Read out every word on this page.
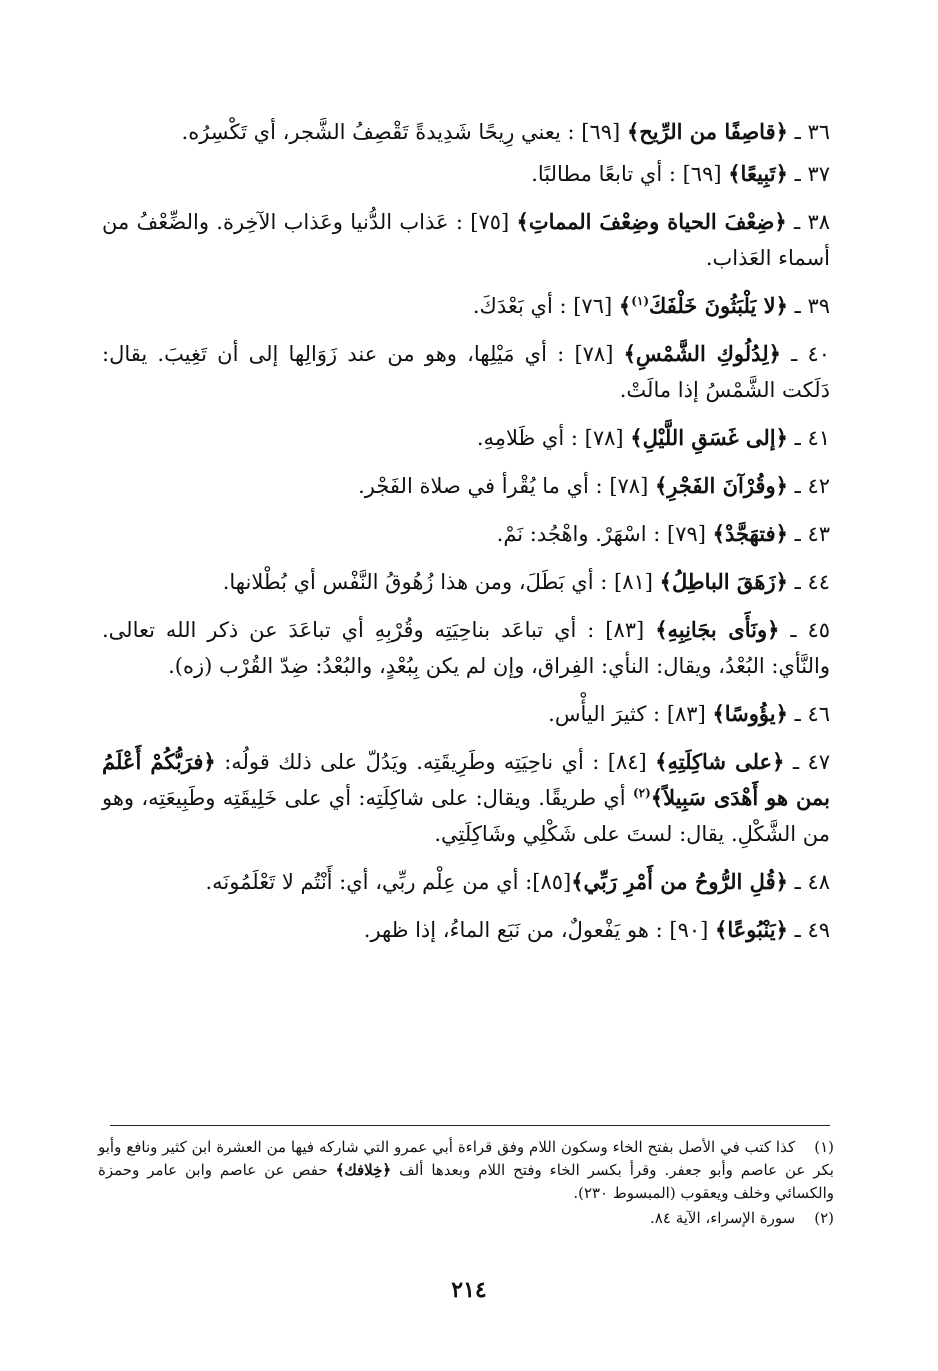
٣٦ ـ ﴿قاصِفًا من الرِّيح﴾ [٦٩] : يعني رِيحًا شَدِيدةً تَقْصِفُ الشَّجر، أي تَكْسِرُه.

٣٧ ـ ﴿تَبِيعًا﴾ [٦٩] : أي تابعًا مطالبًا.

٣٨ ـ ﴿ضِعْفَ الحياة وضِعْفَ المماتِ﴾ [٧٥] : عَذاب الدُّنيا وعَذاب الآخِرة. والضِّعْفُ من أسماء العَذاب.

٣٩ ـ ﴿لا يَلْبَثُونَ خَلْفَكَ$^{(١)}$﴾ [٧٦] : أي بَعْدَكَ.

٤٠ ـ ﴿لِدُلُوكِ الشَّمْسِ﴾ [٧٨] : أي مَيْلِها، وهو من عند زَوَالِها إلى أن تَغِيبَ. يقال: دَلَكت الشَّمْسُ إذا مالَتْ.

٤١ ـ ﴿إلى غَسَقِ اللَّيْلِ﴾ [٧٨] : أي ظَلامِهِ.

٤٢ ـ ﴿وقُرْآنَ الفَجْرِ﴾ [٧٨] : أي ما يُقْرأ في صلاة الفَجْر.

٤٣ ـ ﴿فتهَجَّدْ﴾ [٧٩] : اسْهَرْ. واهْجُد: نَمْ.

٤٤ ـ ﴿زَهَقَ الباطِلُ﴾ [٨١] : أي بَطَلَ، ومن هذا زُهُوقُ النَّفْس أي بُطْلانها.

٤٥ ـ ﴿ونَأَى بجَانِبِهِ﴾ [٨٣] : أي تباعَد بناحِيَتِه وقُرْبِهِ أي تباعَدَ عن ذكر الله تعالى. والنَّأي: البُعْدُ، ويقال: النأي: الفِراق، وإن لم يكن بِبُعْدٍ، والبُعْدُ: ضِدّ القُرْب (زه).

٤٦ ـ ﴿يؤُوسًا﴾ [٨٣] : كثيرَ اليأْس.

٤٧ ـ ﴿على شاكِلَتِهِ﴾ [٨٤] : أي ناحِيَتِه وطَرِيقَتِه. ويَدُلّ على ذلك قولُه: ﴿فرَبُّكُمْ أَعْلَمُ بمن هو أَهْدَى سَبِيلاً﴾$^{(٢)}$ أي طريقًا. ويقال: على شاكِلَتِه: أي على خَلِيقَتِه وطَبِيعَتِه، وهو من الشَّكْلِ. يقال: لستَ على شَكْلِي وشَاكِلَتِي.

٤٨ ـ ﴿قُلِ الرُّوحُ من أَمْرِ رَبِّي﴾[٨٥]: أي من عِلْم ربِّي، أي: أَنْتُم لا تَعْلَمُونَه.

٤٩ ـ ﴿يَنْبُوعًا﴾ [٩٠] : هو يَفْعولٌ، من نَبَع الماءُ، إذا ظهر.

(١) كذا كتب في الأصل بفتح الخاء وسكون اللام وفق قراءة أبي عمرو التي شاركه فيها من العشرة ابن كثير ونافع وأبو بكر عن عاصم وأبو جعفر. وقرأ بكسر الخاء وفتح اللام وبعدها ألف ﴿خِلافك﴾ حفص عن عاصم وابن عامر وحمزة والكسائي وخلف ويعقوب (المبسوط ٢٣٠).

(٢) سورة الإسراء، الآية ٨٤.

٢١٤
